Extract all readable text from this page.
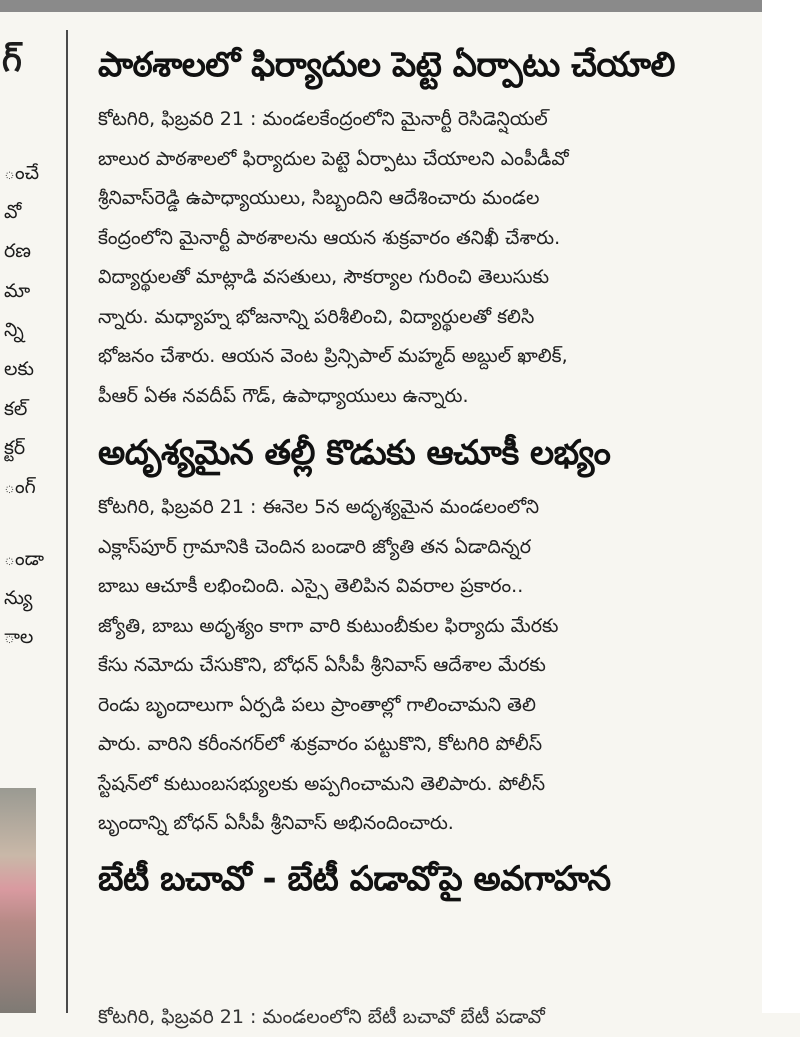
గ్
ంచే
వో
రణ
మా
న్ని
లకు
కల్
క్టర్
ంగ్
ండా
న్యు
ాల
పాఠశాలలో ఫిర్యాదుల పెట్టె ఏర్పాటు చేయాలి
కోటగిరి, ఫిబ్రవరి 21 : మండలకేంద్రంలోని మైనార్టీ రెసిడెన్షియల్
బాలుర పాఠశాలలో ఫిర్యాదుల పెట్టె ఏర్పాటు చేయాలని ఎంపీడీవో
శ్రీనివాస్‌రెడ్డి ఉపాధ్యాయులు, సిబ్బందిని ఆదేశించారు మండల
కేంద్రంలోని మైనార్టీ పాఠశాలను ఆయన శుక్రవారం తనిఖీ చేశారు.
విద్యార్థులతో మాట్లాడి వసతులు, సౌకర్యాల గురించి తెలుసుకు
న్నారు. మధ్యాహ్న భోజనాన్ని పరిశీలించి, విద్యార్థులతో కలిసి
భోజనం చేశారు. ఆయన వెంట ప్రిన్సిపాల్ మహ్మద్ అబ్దుల్ ఖాలిక్,
పీఆర్ ఏఈ నవదీప్ గౌడ్, ఉపాధ్యాయులు ఉన్నారు.
అదృశ్యమైన తల్లీ కొడుకు ఆచూకీ లభ్యం
కోటగిరి, ఫిబ్రవరి 21 : ఈనెల 5న అదృశ్యమైన మండలంలోని
ఎక్లాస్‌పూర్ గ్రామానికి చెందిన బండారి జ్యోతి తన ఏడాదిన్నర
బాబు ఆచూకీ లభించింది. ఎస్సై తెలిపిన వివరాల ప్రకారం..
జ్యోతి, బాబు అదృశ్యం కాగా వారి కుటుంబీకుల ఫిర్యాదు మేరకు
కేసు నమోదు చేసుకొని, బోధన్ ఏసీపీ శ్రీనివాస్ ఆదేశాల మేరకు
రెండు బృందాలుగా ఏర్పడి పలు ప్రాంతాల్లో గాలించామని తెలి
పారు. వారిని కరీంనగర్‌లో శుక్రవారం పట్టుకొని, కోటగిరి పోలీస్
స్టేషన్‌లో కుటుంబసభ్యులకు అప్పగించామని తెలిపారు. పోలీస్
బృందాన్ని బోధన్ ఏసీపీ శ్రీనివాస్ అభినందించారు.
బేటీ బచావో - బేటీ పడావోపై అవగాహన
కోటగిరి, ఫిబ్రవరి 21 : మండలంలోని బేటీ బచావో బేటీ పడావో
